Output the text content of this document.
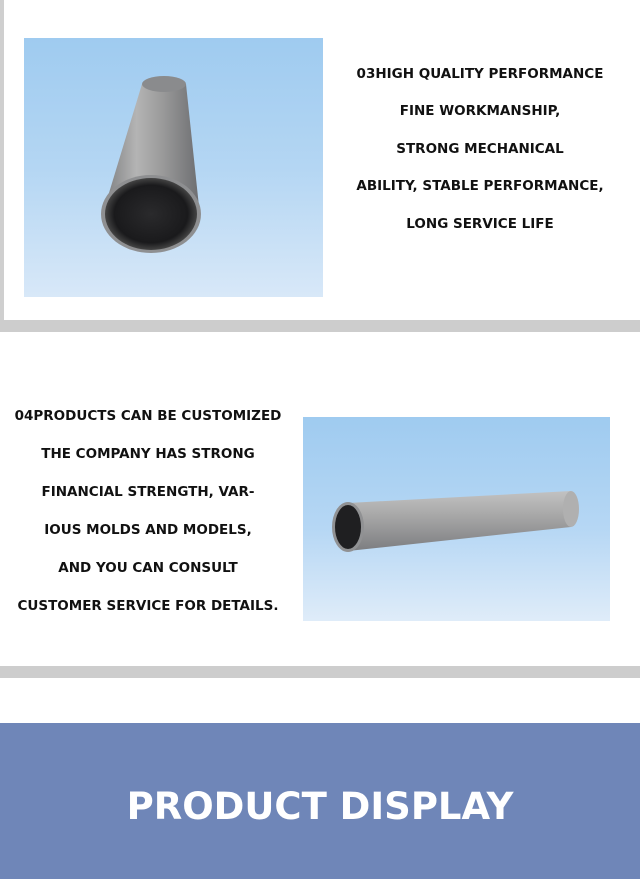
03HIGH QUALITY PERFORMANCE
FINE WORKMANSHIP,
STRONG MECHANICAL
ABILITY, STABLE PERFORMANCE,
LONG SERVICE LIFE
04PRODUCTS CAN BE CUSTOMIZED
THE COMPANY HAS STRONG
FINANCIAL STRENGTH, VAR-
IOUS MOLDS AND MODELS,
AND YOU CAN CONSULT
CUSTOMER SERVICE FOR DETAILS.
PRODUCT DISPLAY
